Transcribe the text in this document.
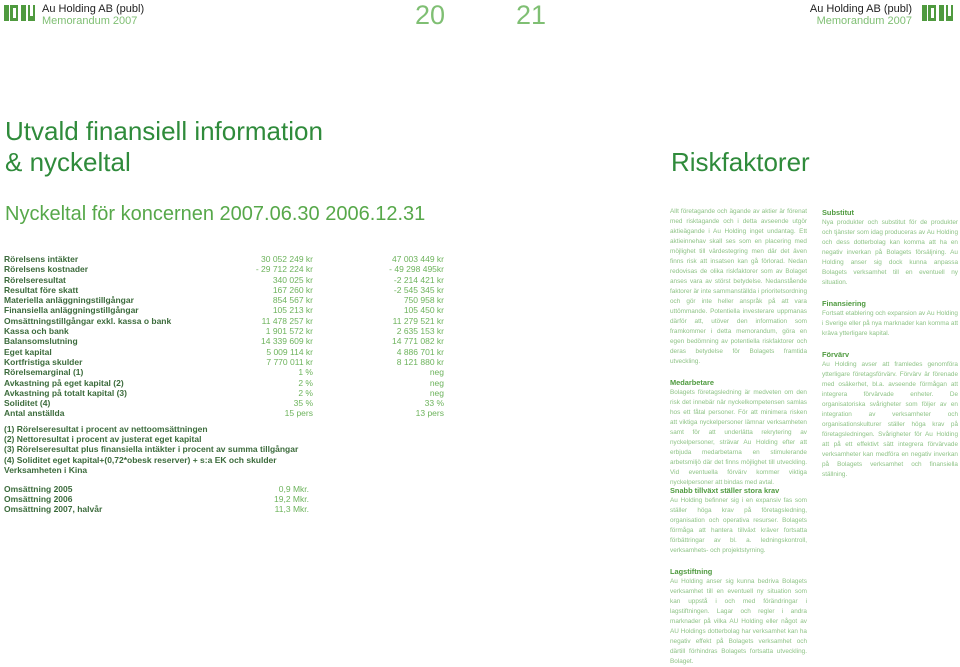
Au Holding AB (publ)
Memorandum 2007	20	21	Au Holding AB (publ)
Memorandum 2007
Utvald finansiell information
& nyckeltal
Nyckeltal för koncernen 2007.06.30 2006.12.31
Rörelsens intäkter	30 052 249 kr	47 003 449 kr
Rörelsens kostnader	- 29 712 224 kr	- 49 298 495kr
Rörelseresultat	340 025 kr	-2 214 421 kr
Resultat före skatt	167 260 kr	-2 545 345 kr
Materiella anläggningstillgångar	854 567 kr	750 958 kr
Finansiella anläggningstillgångar	105 213 kr	105 450 kr
Omsättningstillgångar exkl. kassa o bank	11 478 257 kr	11 279 521 kr
Kassa och bank	1 901 572 kr	2 635 153 kr
Balansomslutning	14 339 609 kr	14 771 082 kr
Eget kapital	5 009 114 kr	4 886 701 kr
Kortfristiga skulder	7 770 011 kr	8 121 880 kr
Rörelsemarginal (1)	1 %	neg
Avkastning på eget kapital (2)	2 %	neg
Avkastning på totalt kapital (3)	2 %	neg
Soliditet (4)	35 %	33 %
Antal anställda	15 pers	13 pers
(1) Rörelseresultat i procent av nettoomsättningen
(2) Nettoresultat i procent av justerat eget kapital
(3) Rörelseresultat plus finansiella intäkter i procent av summa tillgångar
(4) Soliditet eget kapital+(0,72*obesk reserver) + s:a EK och skulder
Verksamheten i Kina
Omsättning 2005	0,9 Mkr.
Omsättning 2006	19,2 Mkr.
Omsättning 2007, halvår	11,3 Mkr.
Riskfaktorer

Allt företagande och ägande av aktier är förenat med risktagande och i detta avseende utgör aktieägande i Au Holding inget undantag. Ett aktieinnehav skall ses som en placering med möjlighet till värdestegring men där det även finns risk att insatsen kan gå förlorad. Nedan redovisas de olika riskfaktorer som av Bolaget anses vara av störst betydelse. Nedanstående faktorer är inte sammanställda i prioritetsordning och gör inte heller anspråk på att vara uttömmande. Potentiella investerare uppmanas därför att, utöver den information som framkommer i detta memorandum, göra en egen bedömning av potentiella riskfaktorer och deras betydelse för Bolagets framtida utveckling.

Medarbetare

Bolagets företagsledning är medveten om den risk det innebär när nyckelkompetensen samlas hos ett fåtal personer. För att minimera risken att viktiga nyckelpersoner lämnar verksamheten samt för att underlätta rekrytering av nyckelpersoner, strävar Au Holding efter att erbjuda medarbetarna en stimulerande arbetsmiljö där det finns möjlighet till utveckling. Vid eventuella förvärv kommer viktiga nyckelpersoner att bindas med avtal.

Snabb tillväxt ställer stora krav

Au Holding befinner sig i en expansiv fas som ställer höga krav på företagsledning, organisation och operativa resurser. Bolagets förmåga att hantera tillväxt kräver fortsatta förbättringar av bl. a. ledningskontroll, verksamhets- och projektstyrning.

Lagstiftning

Au Holding anser sig kunna bedriva Bolagets verksamhet till en eventuell ny situation som kan uppstå i och med förändringar i lagstiftningen. Lagar och regler i andra marknader på vilka AU Holding eller något av AU Holdings dotterbolag har verksamhet kan ha negativ effekt på Bolagets verksamhet och därtill förhindras Bolagets fortsatta utveckling. Bolaget.

Substitut

Nya produkter och substitut för de produkter och tjänster som idag produceras av Au Holding och dess dotterbolag kan komma att ha en negativ inverkan på Bolagets försäljning. Au Holding anser sig dock kunna anpassa Bolagets verksamhet till en eventuell ny situation.

Finansiering

Fortsatt etablering och expansion av Au Holding i Sverige eller på nya marknader kan komma att kräva ytterligare kapital.

Förvärv

Au Holding avser att framledes genomföra ytterligare företagsförvärv. Förvärv är förenade med osäkerhet, bl.a. avseende förmågan att integrera förvärvade enheter. De organisatoriska svårigheter som följer av en integration av verksamheter och organisationskulturer ställer höga krav på företagsledningen. Svårigheter för Au Holding att på ett effektivt sätt integrera förvärvade verksamheter kan medföra en negativ inverkan på Bolagets verksamhet och finansiella ställning.
